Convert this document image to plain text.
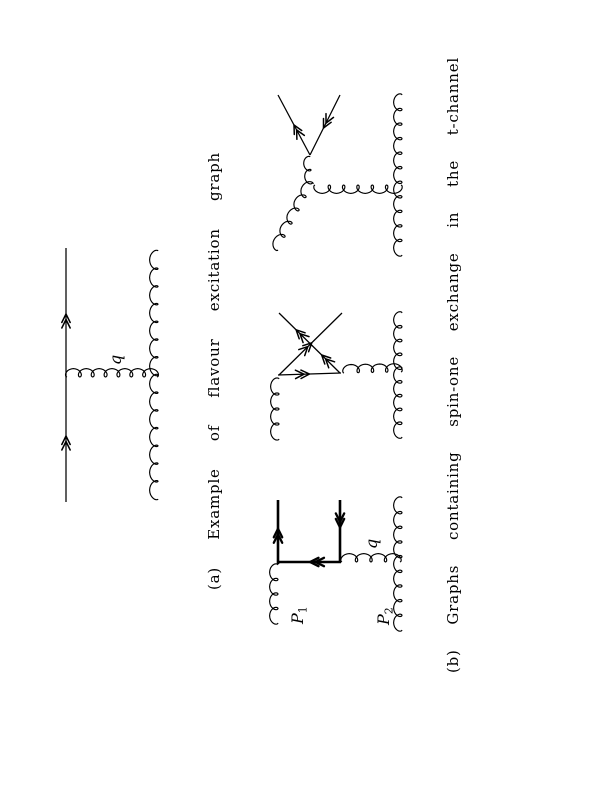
q
$P_1$
q
$P_2$
(a) Example of flavour excitation graph	(b) Graphs containing spin-one exchange in the t-channel
